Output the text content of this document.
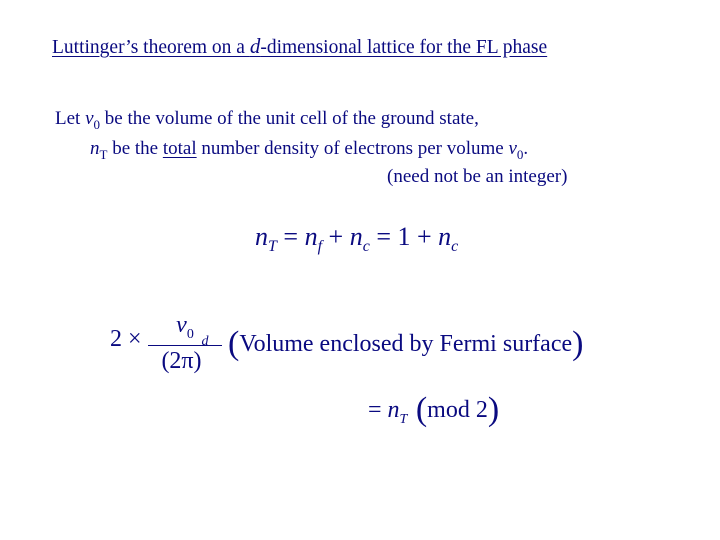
Luttinger’s theorem on a d-dimensional lattice for the FL phase
Let $v_0$ be the volume of the unit cell of the ground state,
$n_T$ be the total number density of electrons per volume $v_0$.
(need not be an integer)
$n_T = n_f + n_c = 1 + n_c$
2 ×
$v_0$
$(2\pi)^d$ (Volume enclosed by Fermi surface)
= $n_T$ (mod 2)
